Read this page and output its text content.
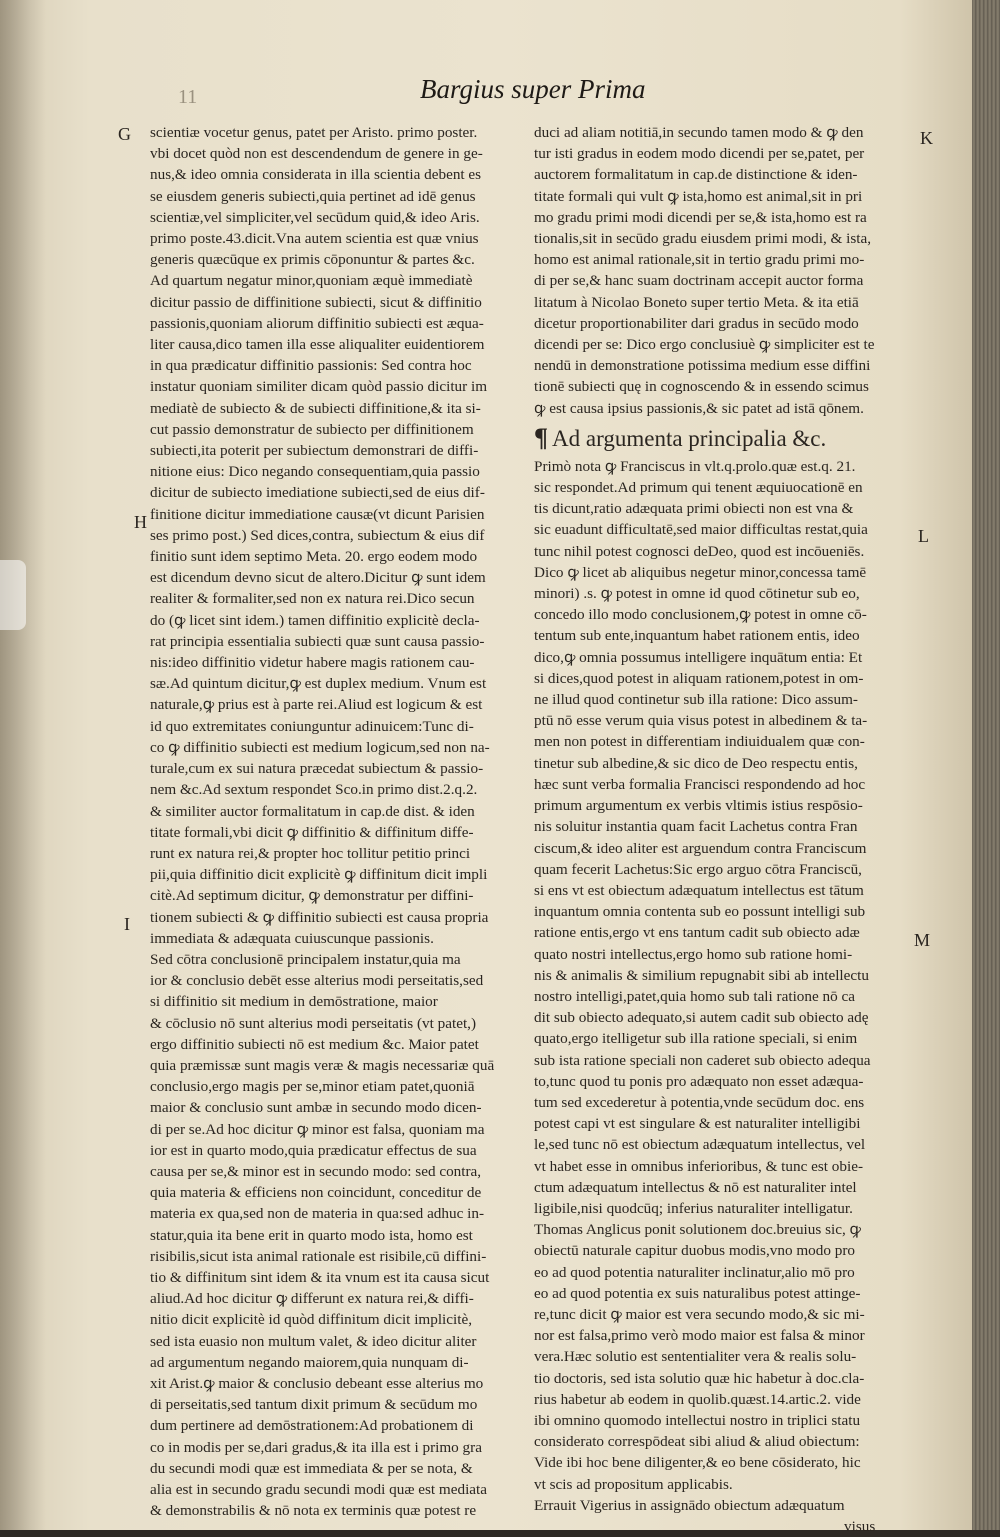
11	Bargius super Prima
G
H
I
K
L
M
scientiæ vocetur genus, patet per Aristo. primo poster.
vbi docet quòd non est descendendum de genere in ge-
nus,& ideo omnia considerata in illa scientia debent es
se eiusdem generis subiecti,quia pertinet ad idē genus
scientiæ,vel simpliciter,vel secūdum quid,& ideo Aris.
primo poste.43.dicit.Vna autem scientia est quæ vnius
generis quæcūque ex primis cōponuntur & partes &c.
Ad quartum negatur minor,quoniam æquè immediatè
dicitur passio de diffinitione subiecti, sicut & diffinitio
passionis,quoniam aliorum diffinitio subiecti est æqua-
liter causa,dico tamen illa esse aliqualiter euidentiorem
in qua prædicatur diffinitio passionis: Sed contra hoc
instatur quoniam similiter dicam quòd passio dicitur im
mediatè de subiecto & de subiecti diffinitione,& ita si-
cut passio demonstratur de subiecto per diffinitionem
subiecti,ita poterit per subiectum demonstrari de diffi-
nitione eius: Dico negando consequentiam,quia passio
dicitur de subiecto imediatione subiecti,sed de eius dif-
finitione dicitur immediatione causæ(vt dicunt Parisien
ses primo post.) Sed dices,contra, subiectum & eius dif
finitio sunt idem septimo Meta. 20. ergo eodem modo
est dicendum devno sicut de altero.Dicitur ꝙ sunt idem
realiter & formaliter,sed non ex natura rei.Dico secun
do (ꝙ licet sint idem.) tamen diffinitio explicitè decla-
rat principia essentialia subiecti quæ sunt causa passio-
nis:ideo diffinitio videtur habere magis rationem cau-
sæ.Ad quintum dicitur,ꝙ est duplex medium. Vnum est
naturale,ꝙ prius est à parte rei.Aliud est logicum & est
id quo extremitates coniunguntur adinuicem:Tunc di-
co ꝙ diffinitio subiecti est medium logicum,sed non na-
turale,cum ex sui natura præcedat subiectum & passio-
nem &c.Ad sextum respondet Sco.in primo dist.2.q.2.
& similiter auctor formalitatum in cap.de dist. & iden
titate formali,vbi dicit ꝙ diffinitio & diffinitum diffe-
runt ex natura rei,& propter hoc tollitur petitio princi
pii,quia diffinitio dicit explicitè ꝙ diffinitum dicit impli
citè.Ad septimum dicitur, ꝙ demonstratur per diffini-
tionem subiecti & ꝙ diffinitio subiecti est causa propria
immediata & adæquata cuiuscunque passionis.
Sed cōtra conclusionē principalem instatur,quia ma
ior & conclusio debēt esse alterius modi perseitatis,sed
si diffinitio sit medium in demōstratione, maior
& cōclusio nō sunt alterius modi perseitatis (vt patet,)
ergo diffinitio subiecti nō est medium &c. Maior patet
quia præmissæ sunt magis veræ & magis necessariæ quā
conclusio,ergo magis per se,minor etiam patet,quoniā
maior & conclusio sunt ambæ in secundo modo dicen-
di per se.Ad hoc dicitur ꝙ minor est falsa, quoniam ma
ior est in quarto modo,quia prædicatur effectus de sua
causa per se,& minor est in secundo modo: sed contra,
quia materia & efficiens non coincidunt, conceditur de
materia ex qua,sed non de materia in qua:sed adhuc in-
statur,quia ita bene erit in quarto modo ista, homo est
risibilis,sicut ista animal rationale est risibile,cū diffini-
tio & diffinitum sint idem & ita vnum est ita causa sicut
aliud.Ad hoc dicitur ꝙ differunt ex natura rei,& diffi-
nitio dicit explicitè id quòd diffinitum dicit implicitè,
sed ista euasio non multum valet, & ideo dicitur aliter
ad argumentum negando maiorem,quia nunquam di-
xit Arist.ꝙ maior & conclusio debeant esse alterius mo
di perseitatis,sed tantum dixit primum & secūdum mo
dum pertinere ad demōstrationem:Ad probationem di
co in modis per se,dari gradus,& ita illa est i primo gra
du secundi modi quæ est immediata & per se nota, &
alia est in secundo gradu secundi modi quæ est mediata
& demonstrabilis & nō nota ex terminis quæ potest re
duci ad aliam notitiā,in secundo tamen modo & ꝙ den
tur isti gradus in eodem modo dicendi per se,patet, per
auctorem formalitatum in cap.de distinctione & iden-
titate formali qui vult ꝙ ista,homo est animal,sit in pri
mo gradu primi modi dicendi per se,& ista,homo est ra
tionalis,sit in secūdo gradu eiusdem primi modi, & ista,
homo est animal rationale,sit in tertio gradu primi mo-
di per se,& hanc suam doctrinam accepit auctor forma
litatum à Nicolao Boneto super tertio Meta. & ita etiā
dicetur proportionabiliter dari gradus in secūdo modo
dicendi per se: Dico ergo conclusiuè ꝙ simpliciter est te
nendū in demonstratione potissima medium esse diffini
tionē subiecti quę in cognoscendo & in essendo scimus
ꝙ est causa ipsius passionis,& sic patet ad istā qōnem.
¶ Ad argumenta principalia &c.
Primò nota ꝙ Franciscus in vlt.q.prolo.quæ est.q. 21.
sic respondet.Ad primum qui tenent æquiuocationē en
tis dicunt,ratio adæquata primi obiecti non est vna &
sic euadunt difficultatē,sed maior difficultas restat,quia
tunc nihil potest cognosci deDeo, quod est incōueniēs.
Dico ꝙ licet ab aliquibus negetur minor,concessa tamē
minori) .s. ꝙ potest in omne id quod cōtinetur sub eo,
concedo illo modo conclusionem,ꝙ potest in omne cō-
tentum sub ente,inquantum habet rationem entis, ideo
dico,ꝙ omnia possumus intelligere inquātum entia: Et
si dices,quod potest in aliquam rationem,potest in om-
ne illud quod continetur sub illa ratione: Dico assum-
ptū nō esse verum quia visus potest in albedinem & ta-
men non potest in differentiam indiuidualem quæ con-
tinetur sub albedine,& sic dico de Deo respectu entis,
hæc sunt verba formalia Francisci respondendo ad hoc
primum argumentum ex verbis vltimis istius respōsio-
nis soluitur instantia quam facit Lachetus contra Fran
ciscum,& ideo aliter est arguendum contra Franciscum
quam fecerit Lachetus:Sic ergo arguo cōtra Franciscū,
si ens vt est obiectum adæquatum intellectus est tātum
inquantum omnia contenta sub eo possunt intelligi sub
ratione entis,ergo vt ens tantum cadit sub obiecto adæ
quato nostri intellectus,ergo homo sub ratione homi-
nis & animalis & similium repugnabit sibi ab intellectu
nostro intelligi,patet,quia homo sub tali ratione nō ca
dit sub obiecto adequato,si autem cadit sub obiecto adę
quato,ergo itelligetur sub illa ratione speciali, si enim
sub ista ratione speciali non caderet sub obiecto adequa
to,tunc quod tu ponis pro adæquato non esset adæqua-
tum sed excederetur à potentia,vnde secūdum doc. ens
potest capi vt est singulare & est naturaliter intelligibi
le,sed tunc nō est obiectum adæquatum intellectus, vel
vt habet esse in omnibus inferioribus, & tunc est obie-
ctum adæquatum intellectus & nō est naturaliter intel
ligibile,nisi quodcūq; inferius naturaliter intelligatur.
Thomas Anglicus ponit solutionem doc.breuius sic, ꝙ
obiectū naturale capitur duobus modis,vno modo pro
eo ad quod potentia naturaliter inclinatur,alio mō pro
eo ad quod potentia ex suis naturalibus potest attinge-
re,tunc dicit ꝙ maior est vera secundo modo,& sic mi-
nor est falsa,primo verò modo maior est falsa & minor
vera.Hæc solutio est sententialiter vera & realis solu-
tio doctoris, sed ista solutio quæ hic habetur à doc.cla-
rius habetur ab eodem in quolib.quæst.14.artic.2. vide
ibi omnino quomodo intellectui nostro in triplici statu
considerato correspōdeat sibi aliud & aliud obiectum:
Vide ibi hoc bene diligenter,& eo bene cōsiderato, hic
vt scis ad propositum applicabis.
Errauit Vigerius in assignādo obiectum adæquatum
visus
